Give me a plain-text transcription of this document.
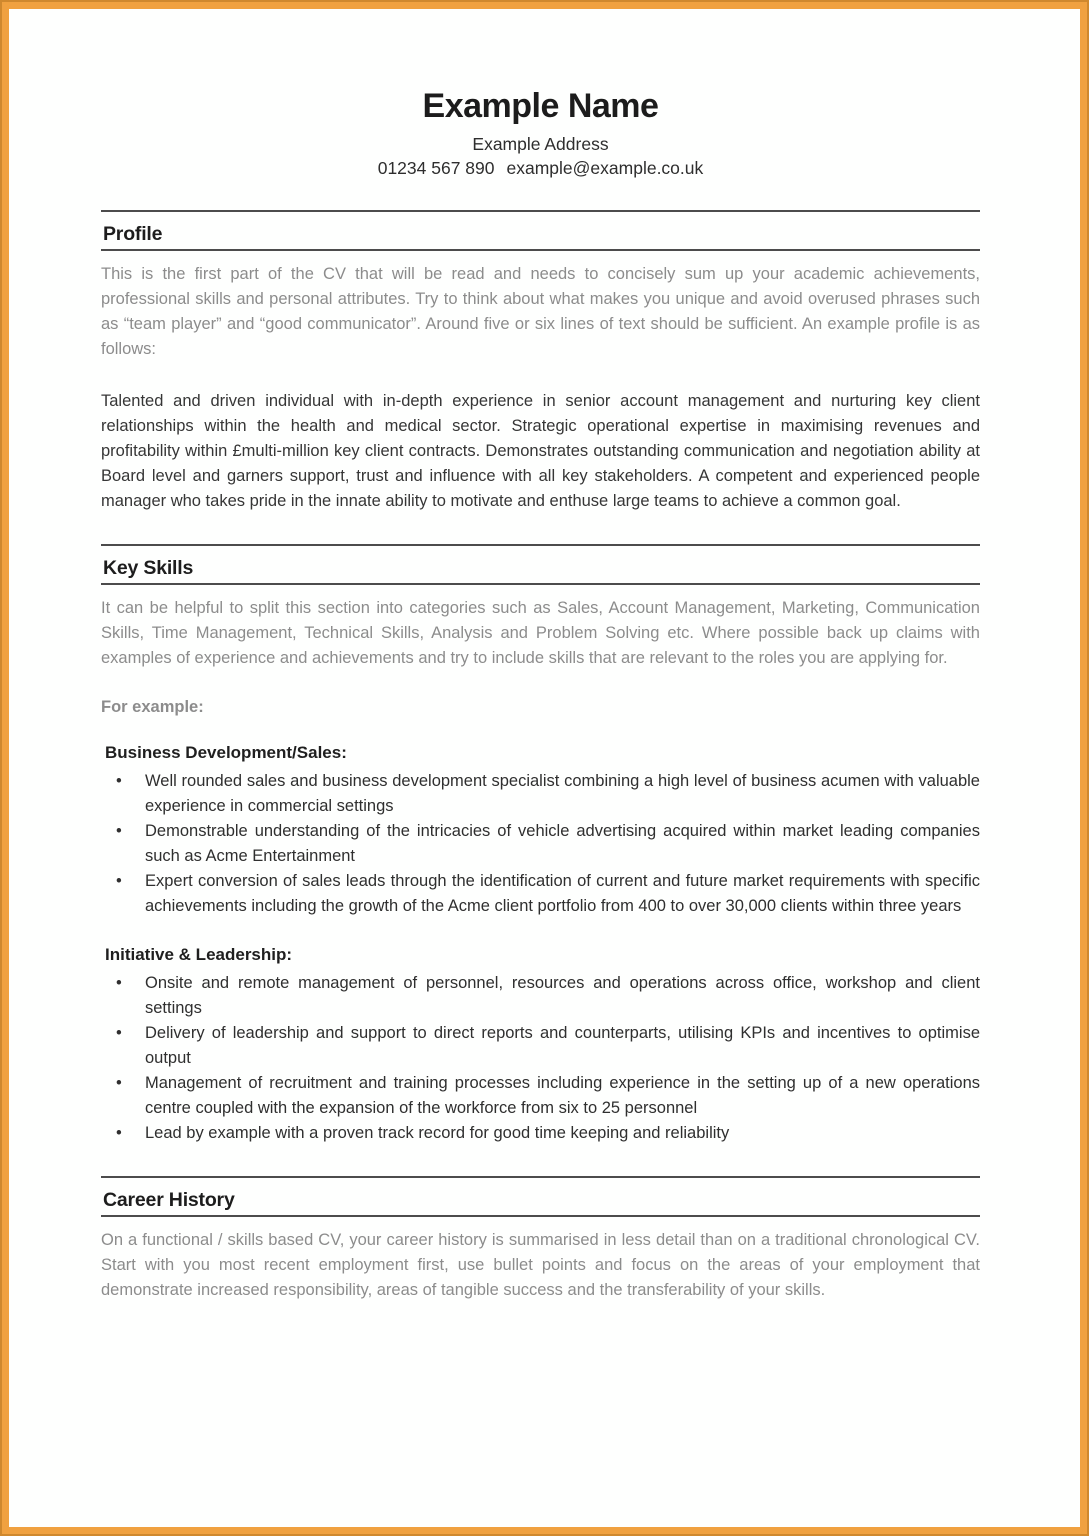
Example Name
Example Address
01234 567 890 example@example.co.uk
Profile

This is the first part of the CV that will be read and needs to concisely sum up your academic achievements, professional skills and personal attributes. Try to think about what makes you unique and avoid overused phrases such as “team player” and “good communicator”. Around five or six lines of text should be sufficient. An example profile is as follows:

Talented and driven individual with in-depth experience in senior account management and nurturing key client relationships within the health and medical sector. Strategic operational expertise in maximising revenues and profitability within £multi-million key client contracts. Demonstrates outstanding communication and negotiation ability at Board level and garners support, trust and influence with all key stakeholders. A competent and experienced people manager who takes pride in the innate ability to motivate and enthuse large teams to achieve a common goal.

Key Skills

It can be helpful to split this section into categories such as Sales, Account Management, Marketing, Communication Skills, Time Management, Technical Skills, Analysis and Problem Solving etc. Where possible back up claims with examples of experience and achievements and try to include skills that are relevant to the roles you are applying for.

For example:

Business Development/Sales:
• Well rounded sales and business development specialist combining a high level of business acumen with valuable experience in commercial settings
• Demonstrable understanding of the intricacies of vehicle advertising acquired within market leading companies such as Acme Entertainment
• Expert conversion of sales leads through the identification of current and future market requirements with specific achievements including the growth of the Acme client portfolio from 400 to over 30,000 clients within three years
Initiative & Leadership:
• Onsite and remote management of personnel, resources and operations across office, workshop and client settings
• Delivery of leadership and support to direct reports and counterparts, utilising KPIs and incentives to optimise output
• Management of recruitment and training processes including experience in the setting up of a new operations centre coupled with the expansion of the workforce from six to 25 personnel
• Lead by example with a proven track record for good time keeping and reliability
Career History

On a functional / skills based CV, your career history is summarised in less detail than on a traditional chronological CV. Start with you most recent employment first, use bullet points and focus on the areas of your employment that demonstrate increased responsibility, areas of tangible success and the transferability of your skills.
